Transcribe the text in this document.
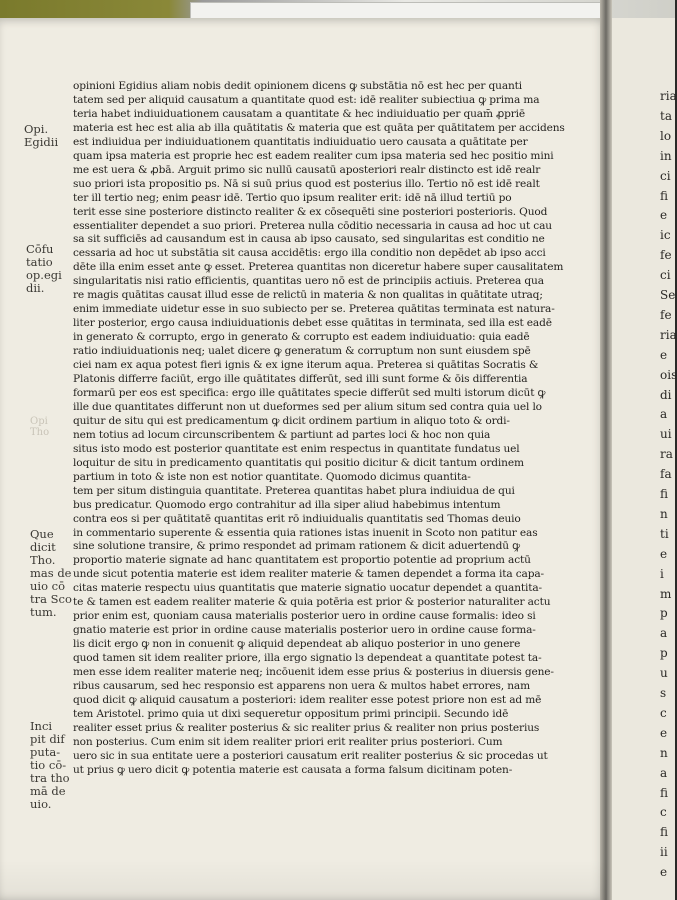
ria
ta
lo
in
ci
fi
e
ic
fe
ci
Se
fe
ria
e
ois
di
a
ui
ra
fa
fi
n
ti
e
i
m
p
a
p
u
s
c
e
n
a
fi
c
fi
ii
e
Opi.
Egidii
Cōfu
tatio
op.egi
dii.
Opi
Tho
Que
dicit
Tho.
mas de
uio cō
tra Sco
tum.
Inci
pit dif
puta-
tio cō-
tra tho
mā de
uio.
opinioni Egidius aliam nobis dedit opinionem dicens ꝙ substātia nō est hec per quanti
tatem sed per aliquid causatum a quantitate quod est: idē realiter subiectiua ꝙ prima ma
teria habet indiuiduationem causatam a quantitate & hec indiuiduatio per quam̄ ꝓpriē
materia est hec est alia ab illa quātitatis & materia que est quāta per quātitatem per accidens
est indiuidua per indiuiduationem quantitatis indiuiduatio uero causata a quātitate per
quam ipsa materia est proprie hec est eadem realiter cum ipsa materia sed hec positio mini
me est uera & ꝓbā. Arguit primo sic nullū causatū aposteriori realr distincto est idē realr
suo priori ista propositio ps. Nā si suū prius quod est posterius illo. Tertio nō est idē realt
ter ill tertio neg; enim ꝑeasr idē. Tertio quo ipsum realiter erit: idē nā illud tertiū po
terit esse sine posteriore distincto realiter & ex cōsequēti sine posteriori posterioris. Quod
essentialiter dependet a suo priori. Preterea nulla cōditio necessaria in causa ad hoc ut cau
sa sit sufficiēs ad causandum est in causa ab ipso causato, sed singularitas est conditio ne
cessaria ad hoc ut substātia sit causa accidētis: ergo illa conditio non depēdet ab ipso acci
dēte illa enim esset ante ꝙ esset. Preterea quantitas non diceretur habere super causalitatem
singularitatis nisi ratio efficientis, quantitas uero nō est de principiis actiuis. Preterea qua
re magis quātitas causat illud esse de relictū in materia & non qualitas in quātitate utraq;
enim immediate uidetur esse in suo subiecto per se. Preterea quātitas terminata est natura-
liter posterior, ergo causa indiuiduationis debet esse quātitas in terminata, sed illa est eadē
in generato & corrupto, ergo in generato & corrupto est eadem indiuiduatio: quia eadē
ratio indiuiduationis neq; ualet dicere ꝙ generatum & corruptum non sunt eiusdem spē
ciei nam ex aqua potest fieri ignis & ex igne iterum aqua. Preterea si quātitas Socratis &
Platonis differre faciūt, ergo ille quātitates differūt, sed illi sunt forme & ōis differentia
formarū per eos est specifica: ergo ille quātitates specie differūt sed multi istorum dicūt ꝙ
ille due quantitates differunt non ut dueformes sed per alium situm sed contra quia uel lo
quitur de situ qui est predicamentum ꝙ dicit ordinem partium in aliquo toto & ordi-
nem totius ad locum circunscribentem & partiunt ad partes loci & hoc non quia
situs isto modo est posterior quantitate est enim respectus in quantitate fundatus uel
loquitur de situ in predicamento quantitatis qui positio dicitur & dicit tantum ordinem
partium in toto & iste non est notior quantitate. Quomodo dicimus quantita-
tem per situm distinguia quantitate. Preterea quantitas habet plura indiuidua de qui
bus predicatur. Quomodo ergo contrahitur ad illa siper aliud habebimus intentum
contra eos si per quātitatē quantitas erit rō indiuidualis quantitatis sed Thomas deuio
in commentario superente & essentia quia rationes istas inuenit in Scoto non patitur eas
sine solutione transire, & primo respondet ad primam rationem & dicit aduertendū ꝙ
proportio materie signate ad hanc quantitatem est proportio potentie ad proprium actū
unde sicut potentia materie est idem realiter materie & tamen dependet a forma ita capa-
citas materie respectu uius quantitatis que materie signatio uocatur dependet a quantita-
te & tamen est eadem realiter materie & quia potēria est prior & posterior naturaliter actu
prior enim est, quoniam causa materialis posterior uero in ordine cause formalis: ideo si
gnatio materie est prior in ordine cause materialis posterior uero in ordine cause forma-
lis dicit ergo ꝙ non in conuenit ꝙ aliquid dependeat ab aliquo posterior in uno genere
quod tamen sit idem realiter priore, illa ergo signatio lз dependeat a quantitate potest ta-
men esse idem realiter materie neq; incōuenit idem esse prius & posterius in diuersis gene-
ribus causarum, sed hec responsio est apparens non uera & multos habet errores, nam
quod dicit ꝙ aliquid causatum a posteriori: idem realiter esse potest priore non est ad mē
tem Aristotel. primo quia ut dixi sequeretur oppositum primi principii. Secundo idē
realiter esset prius & realiter posterius & sic realiter prius & realiter non prius posterius
non posterius. Cum enim sit idem realiter priori erit realiter prius posteriori. Cum
uero sic in sua entitate uere a posteriori causatum erit realiter posterius & sic procedas ut
ut prius ꝙ uero dicit ꝙ potentia materie est causata a forma falsum dicitinam poten-
